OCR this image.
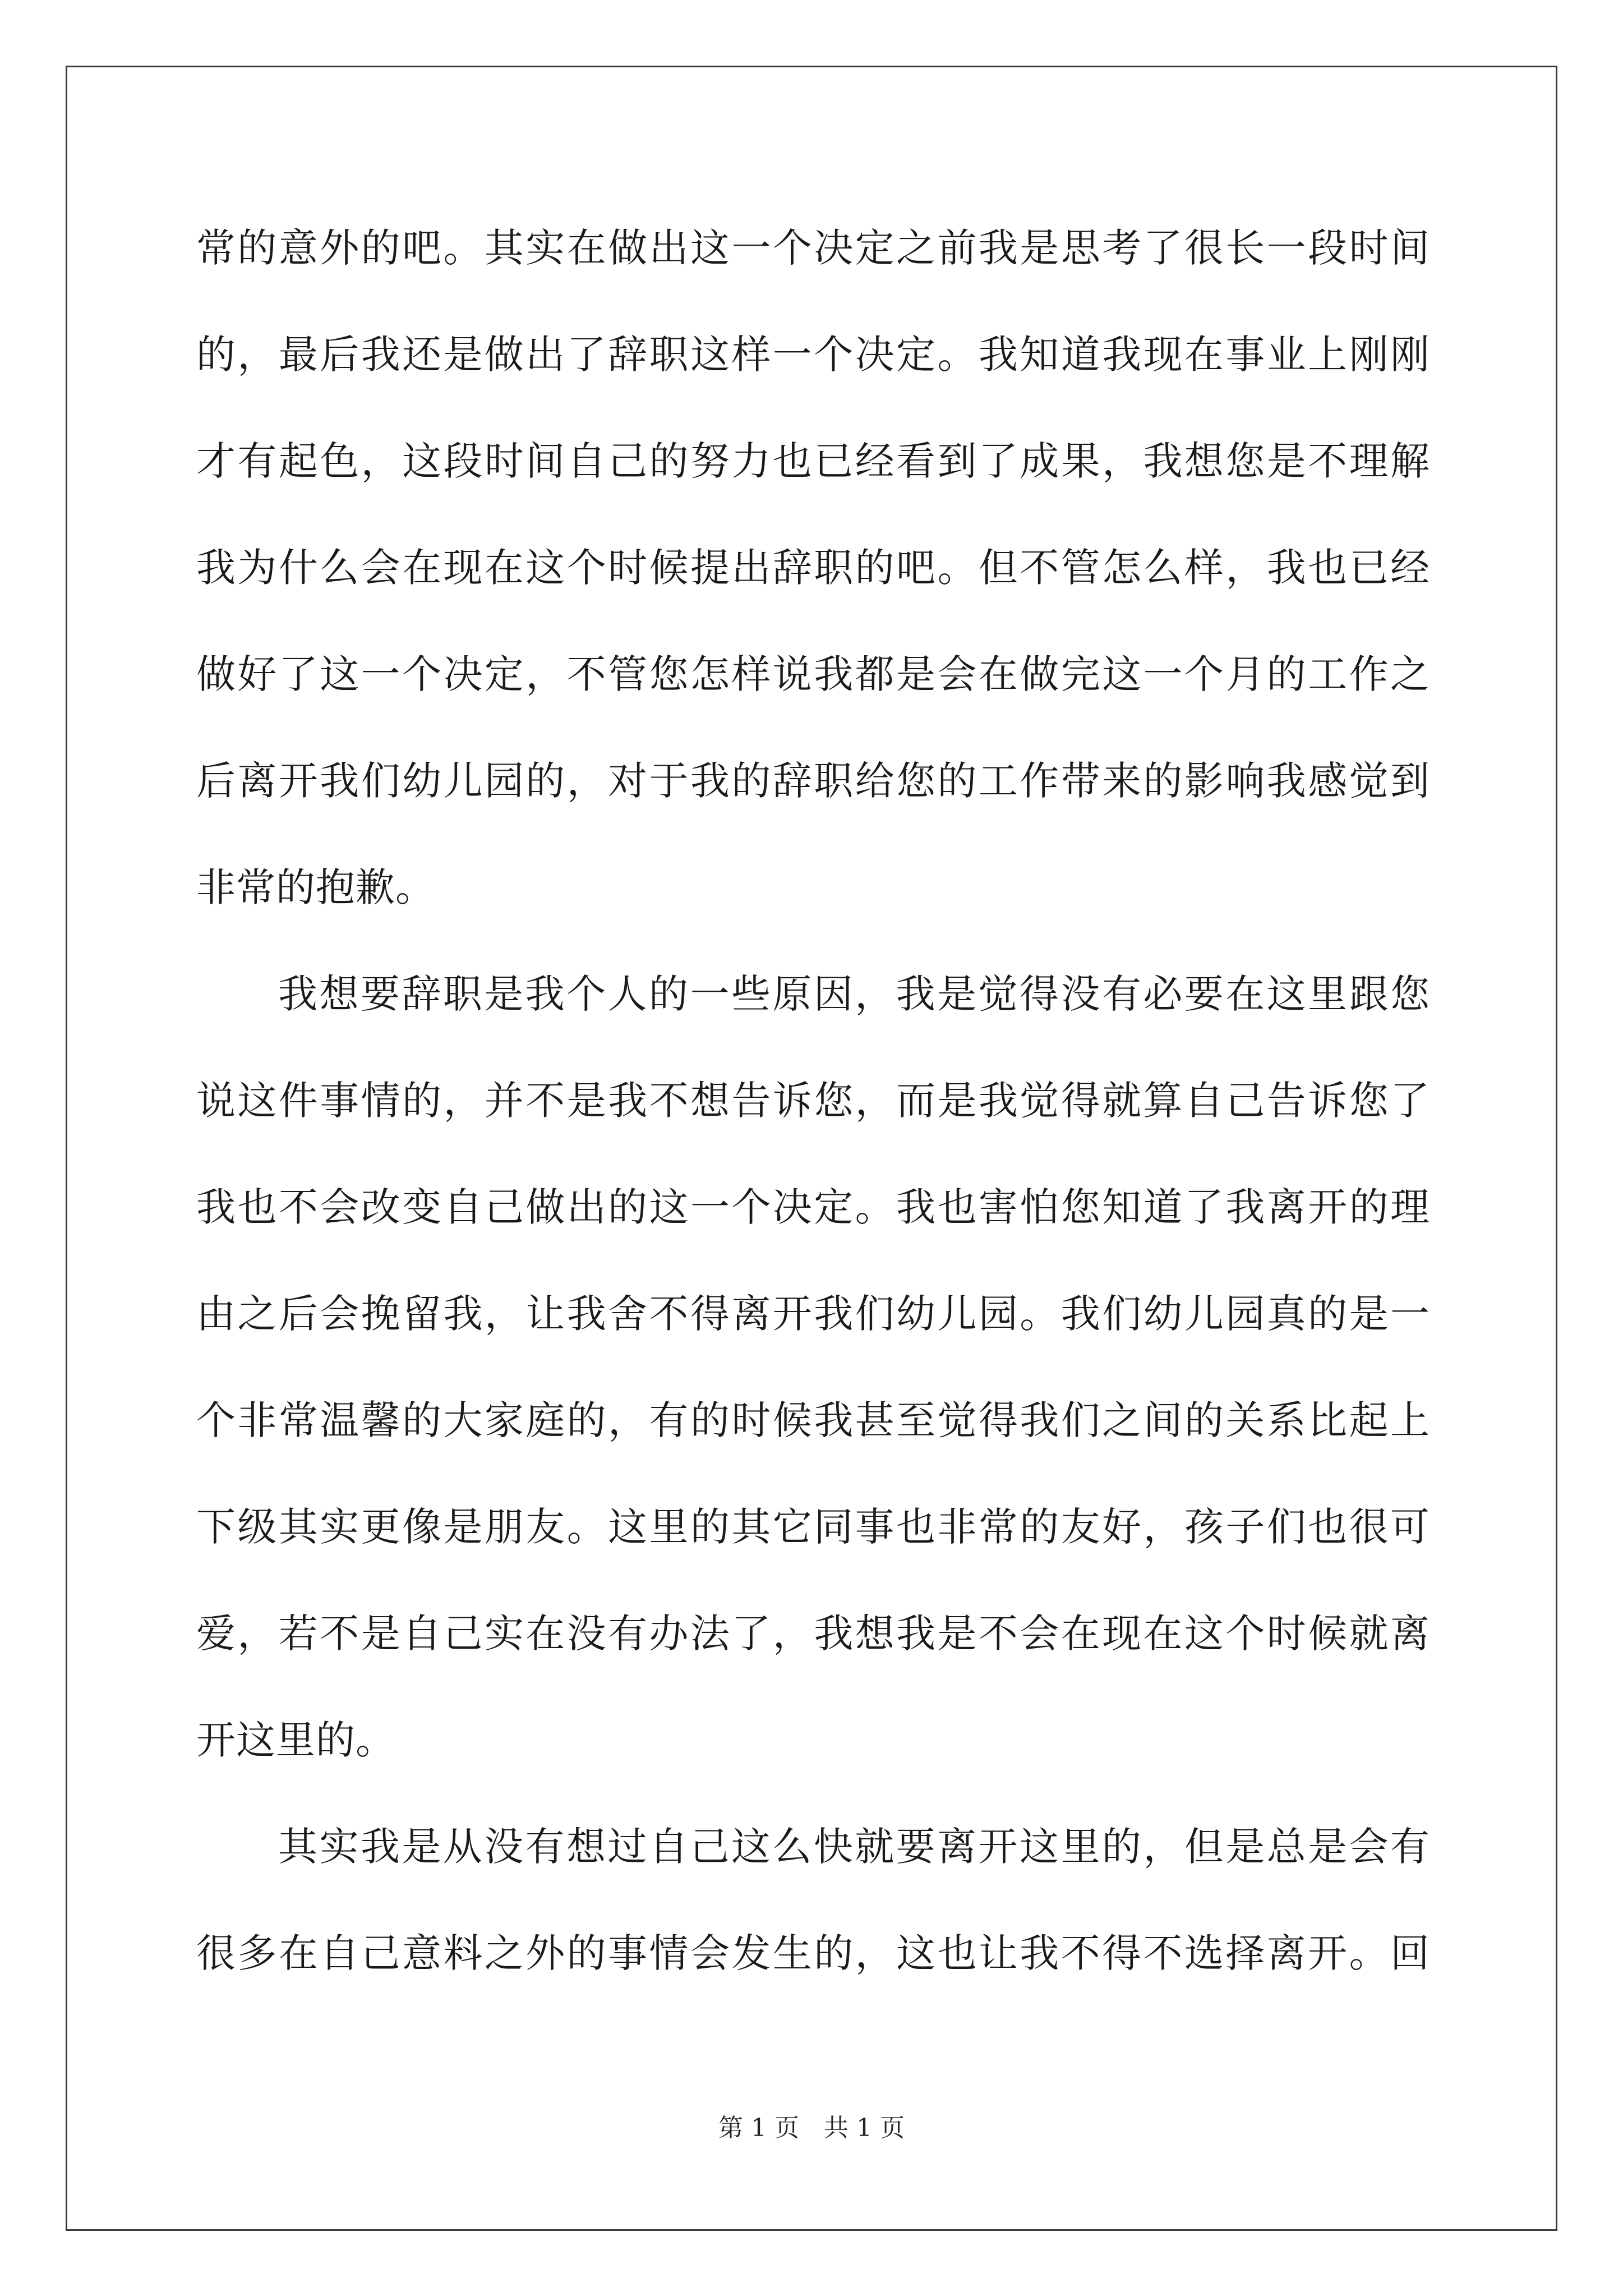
常的意外的吧。其实在做出这一个决定之前我是思考了很长一段时间
的，最后我还是做出了辞职这样一个决定。我知道我现在事业上刚刚
才有起色，这段时间自己的努力也已经看到了成果，我想您是不理解
我为什么会在现在这个时候提出辞职的吧。但不管怎么样，我也已经
做好了这一个决定，不管您怎样说我都是会在做完这一个月的工作之
后离开我们幼儿园的，对于我的辞职给您的工作带来的影响我感觉到
非常的抱歉。
我想要辞职是我个人的一些原因，我是觉得没有必要在这里跟您
说这件事情的，并不是我不想告诉您，而是我觉得就算自己告诉您了
我也不会改变自己做出的这一个决定。我也害怕您知道了我离开的理
由之后会挽留我，让我舍不得离开我们幼儿园。我们幼儿园真的是一
个非常温馨的大家庭的，有的时候我甚至觉得我们之间的关系比起上
下级其实更像是朋友。这里的其它同事也非常的友好，孩子们也很可
爱，若不是自己实在没有办法了，我想我是不会在现在这个时候就离
开这里的。
其实我是从没有想过自己这么快就要离开这里的，但是总是会有
很多在自己意料之外的事情会发生的，这也让我不得不选择离开。回
第 1 页　共 1 页
